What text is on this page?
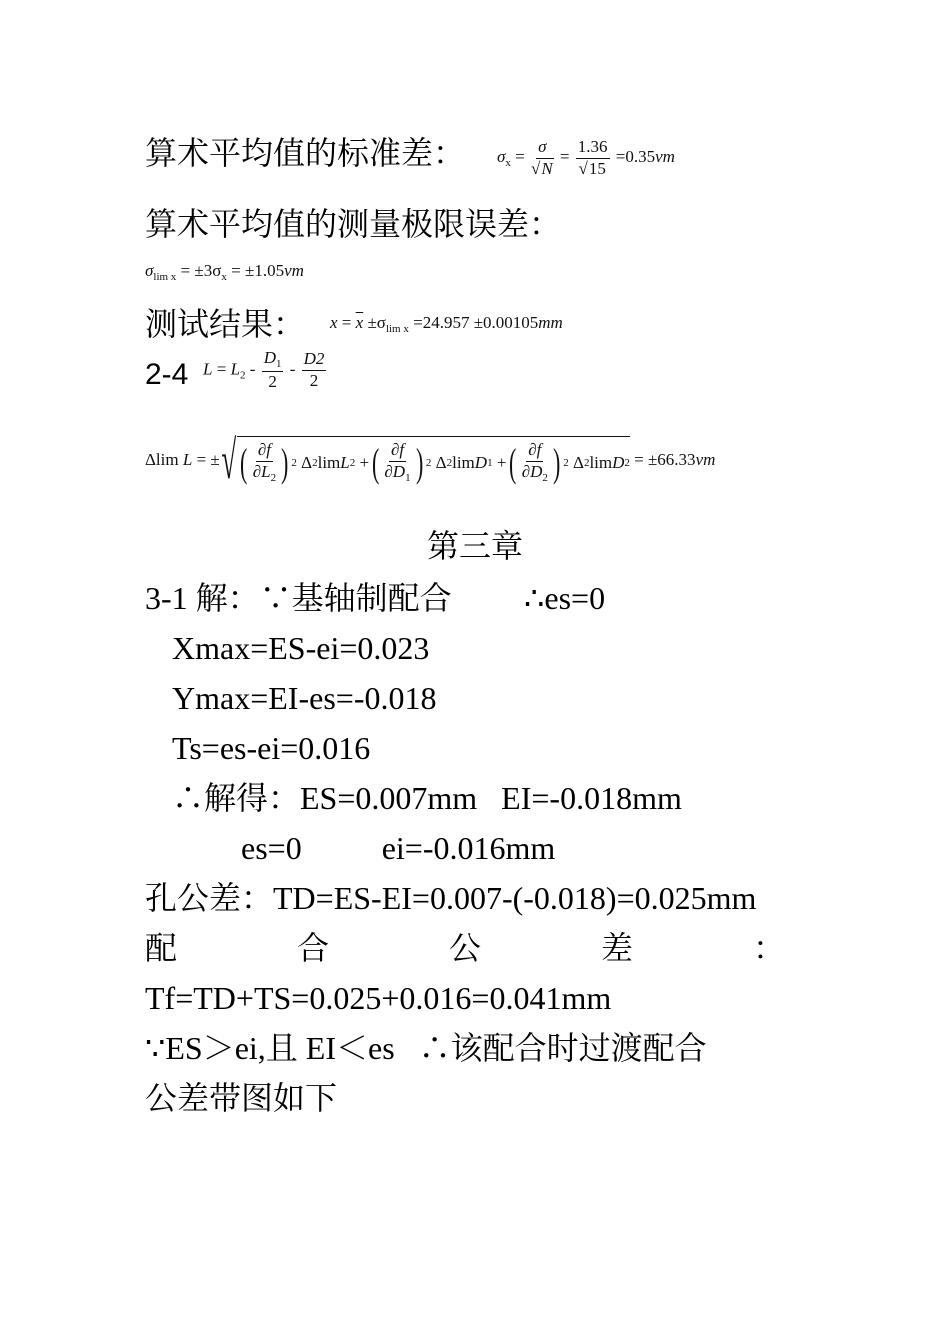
算术平均值的标准差： $\sigma_x = \frac{\sigma}{√N} = \frac{1.36}{√15} =0.35vm$
算术平均值的测量极限误差：
$\sigma_{lim x} = \pm 3\sigma_x = \pm 1.05vm$
测试结果： $x = \overline{x} \pm\sigma_{lim x} =24.957 \pm 0.00105mm$
2-4 $L = L_2 - \frac{D_1}{2} - \frac{D2}{2}$
Δlim
L
= ± √ ( $\frac{\partial f}{\partial L_2}$ ) 2
Δ 2 lim L 2
+ ( $\frac{\partial f}{\partial D_1}$ ) 2
Δ 2 lim D 1
+ ( $\frac{\partial f}{\partial D_2}$ ) 2
Δ 2 lim D 2
= ±66.33 vm
第三章
3-1 解：∵基轴制配合 ∴es=0
Xmax=ES-ei=0.023
Ymax=EI-es=-0.018
Ts=es-ei=0.016
∴解得：ES=0.007mm   EI=-0.018mm
es=0          ei=-0.016mm
孔公差：TD=ES-EI=0.007-(-0.018)=0.025mm
配	合	公	差	：
Tf=TD+TS=0.025+0.016=0.041mm
∵ES＞ei,且 EI＜es   ∴该配合时过渡配合
公差带图如下
